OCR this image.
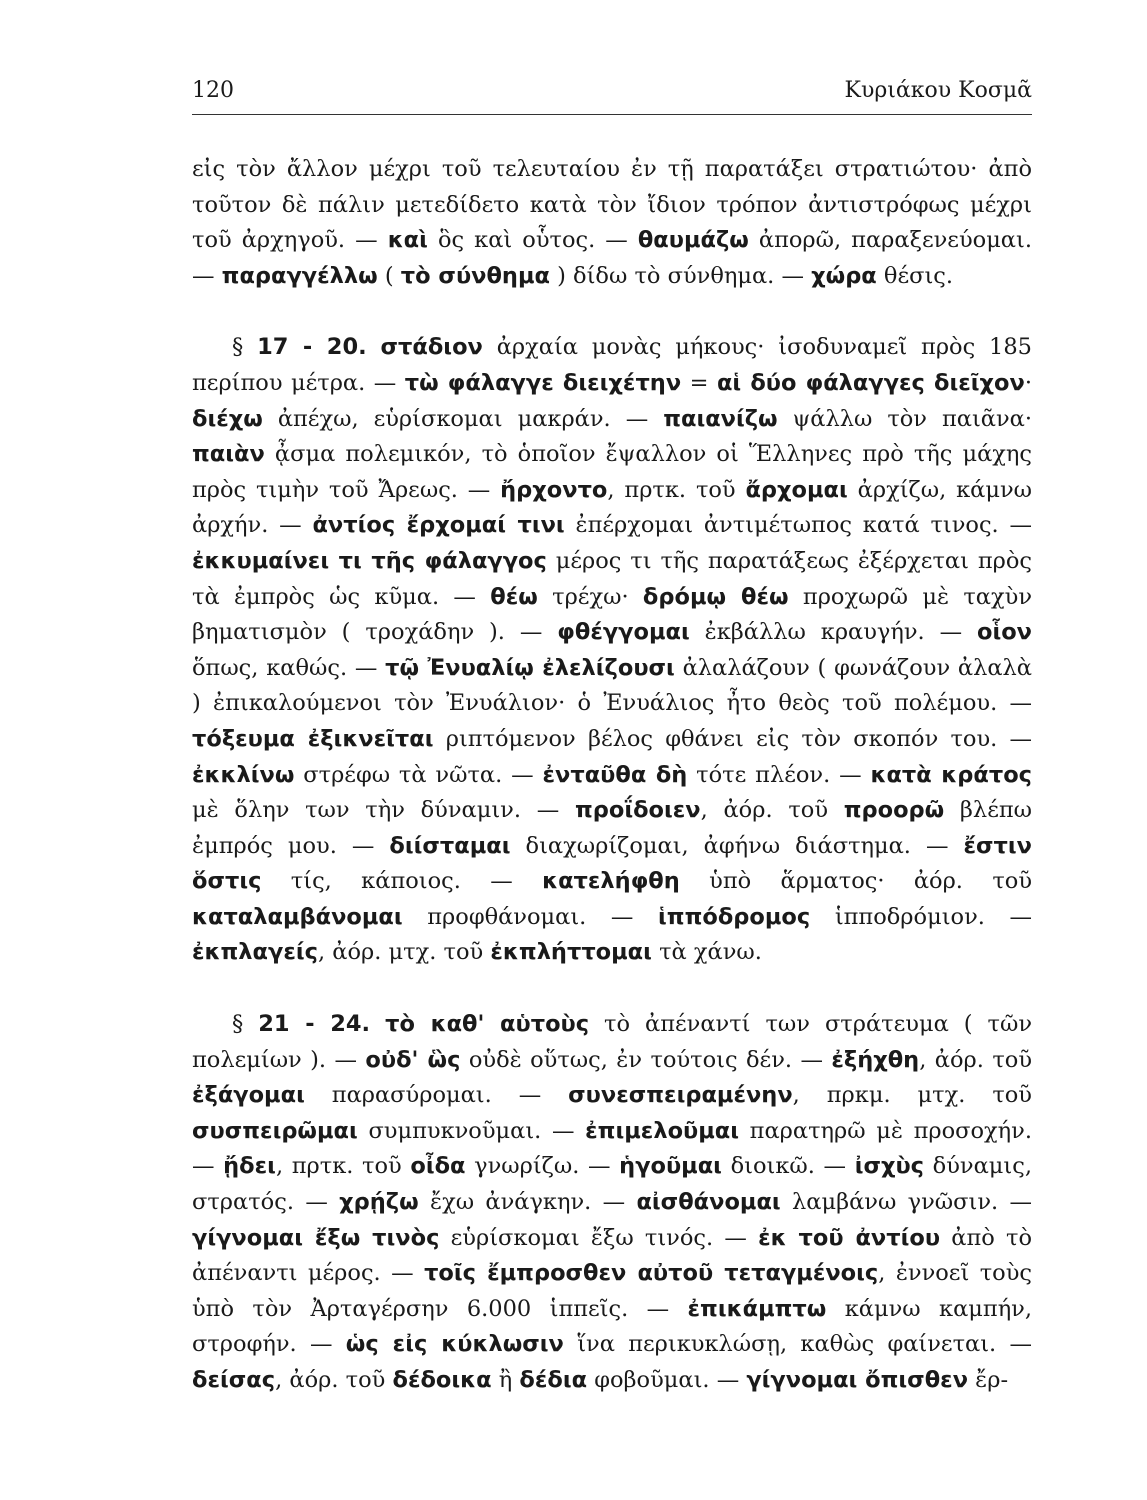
120	Κυριάκου Κοσμᾶ

εἰς τὸν ἄλλον μέχρι τοῦ τελευταίου ἐν τῇ παρατάξει στρατιώτου· ἀπὸ τοῦτον δὲ πάλιν μετεδίδετο κατὰ τὸν ἴδιον τρόπον ἀντιστρόφως μέχρι τοῦ ἀρχηγοῦ. — καὶ ὃς καὶ οὗτος. — θαυμάζω ἀπορῶ, παραξενεύομαι. — παραγγέλλω ( τὸ σύνθημα ) δίδω τὸ σύνθημα. — χώρα θέσις.

§ 17 - 20. στάδιον ἀρχαία μονὰς μήκους· ἰσοδυναμεῖ πρὸς 185 περίπου μέτρα. — τὼ φάλαγγε διειχέτην = αἱ δύο φάλαγγες διεῖχον· διέχω ἀπέχω, εὑρίσκομαι μακράν. — παιανίζω ψάλλω τὸν παιᾶνα· παιὰν ᾆσμα πολεμικόν, τὸ ὁποῖον ἔψαλλον οἱ Ἕλληνες πρὸ τῆς μάχης πρὸς τιμὴν τοῦ Ἄρεως. — ἤρχοντο, πρτκ. τοῦ ἄρχομαι ἀρχίζω, κάμνω ἀρχήν. — ἀντίος ἔρχομαί τινι ἐπέρχομαι ἀντιμέτωπος κατά τινος. — ἐκκυμαίνει τι τῆς φάλαγγος μέρος τι τῆς παρατάξεως ἐξέρχεται πρὸς τὰ ἐμπρὸς ὡς κῦμα. — θέω τρέχω· δρόμῳ θέω προχωρῶ μὲ ταχὺν βηματισμὸν ( τροχάδην ). — φθέγγομαι ἐκβάλλω κραυγήν. — οἷον ὅπως, καθώς. — τῷ Ἐνυαλίῳ ἐλελίζουσι ἀλαλάζουν ( φωνάζουν ἀλαλὰ ) ἐπικαλούμενοι τὸν Ἐνυάλιον· ὁ Ἐνυάλιος ἦτο θεὸς τοῦ πολέμου. — τόξευμα ἐξικνεῖται ριπτόμενον βέλος φθάνει εἰς τὸν σκοπόν του. — ἐκκλίνω στρέφω τὰ νῶτα. — ἐνταῦθα δὴ τότε πλέον. — κατὰ κράτος μὲ ὅλην των τὴν δύναμιν. — προΐδοιεν, ἀόρ. τοῦ προορῶ βλέπω ἐμπρός μου. — διίσταμαι διαχωρίζομαι, ἀφήνω διάστημα. — ἔστιν ὅστις τίς, κάποιος. — κατελήφθη ὑπὸ ἅρματος· ἀόρ. τοῦ καταλαμβάνομαι προφθάνομαι. — ἱππόδρομος ἱπποδρόμιον. — ἐκπλαγείς, ἀόρ. μτχ. τοῦ ἐκπλήττομαι τὰ χάνω.

§ 21 - 24. τὸ καθ' αὑτοὺς τὸ ἀπέναντί των στράτευμα ( τῶν πολεμίων ). — οὐδ' ὣς οὐδὲ οὕτως, ἐν τούτοις δέν. — ἐξήχθη, ἀόρ. τοῦ ἐξάγομαι παρασύρομαι. — συνεσπειραμένην, πρκμ. μτχ. τοῦ συσπειρῶμαι συμπυκνοῦμαι. — ἐπιμελοῦμαι παρατηρῶ μὲ προσοχήν. — ᾔδει, πρτκ. τοῦ οἶδα γνωρίζω. — ἡγοῦμαι διοικῶ. — ἰσχὺς δύναμις, στρατός. — χρῄζω ἔχω ἀνάγκην. — αἰσθάνομαι λαμβάνω γνῶσιν. — γίγνομαι ἔξω τινὸς εὑρίσκομαι ἔξω τινός. — ἐκ τοῦ ἀντίου ἀπὸ τὸ ἀπέναντι μέρος. — τοῖς ἔμπροσθεν αὐτοῦ τεταγμένοις, ἐννοεῖ τοὺς ὑπὸ τὸν Ἀρταγέρσην 6.000 ἱππεῖς. — ἐπικάμπτω κάμνω καμπήν, στροφήν. — ὡς εἰς κύκλωσιν ἵνα περικυκλώσῃ, καθὼς φαίνεται. — δείσας, ἀόρ. τοῦ δέδοικα ἢ δέδια φοβοῦμαι. — γίγνομαι ὄπισθεν ἔρ-
